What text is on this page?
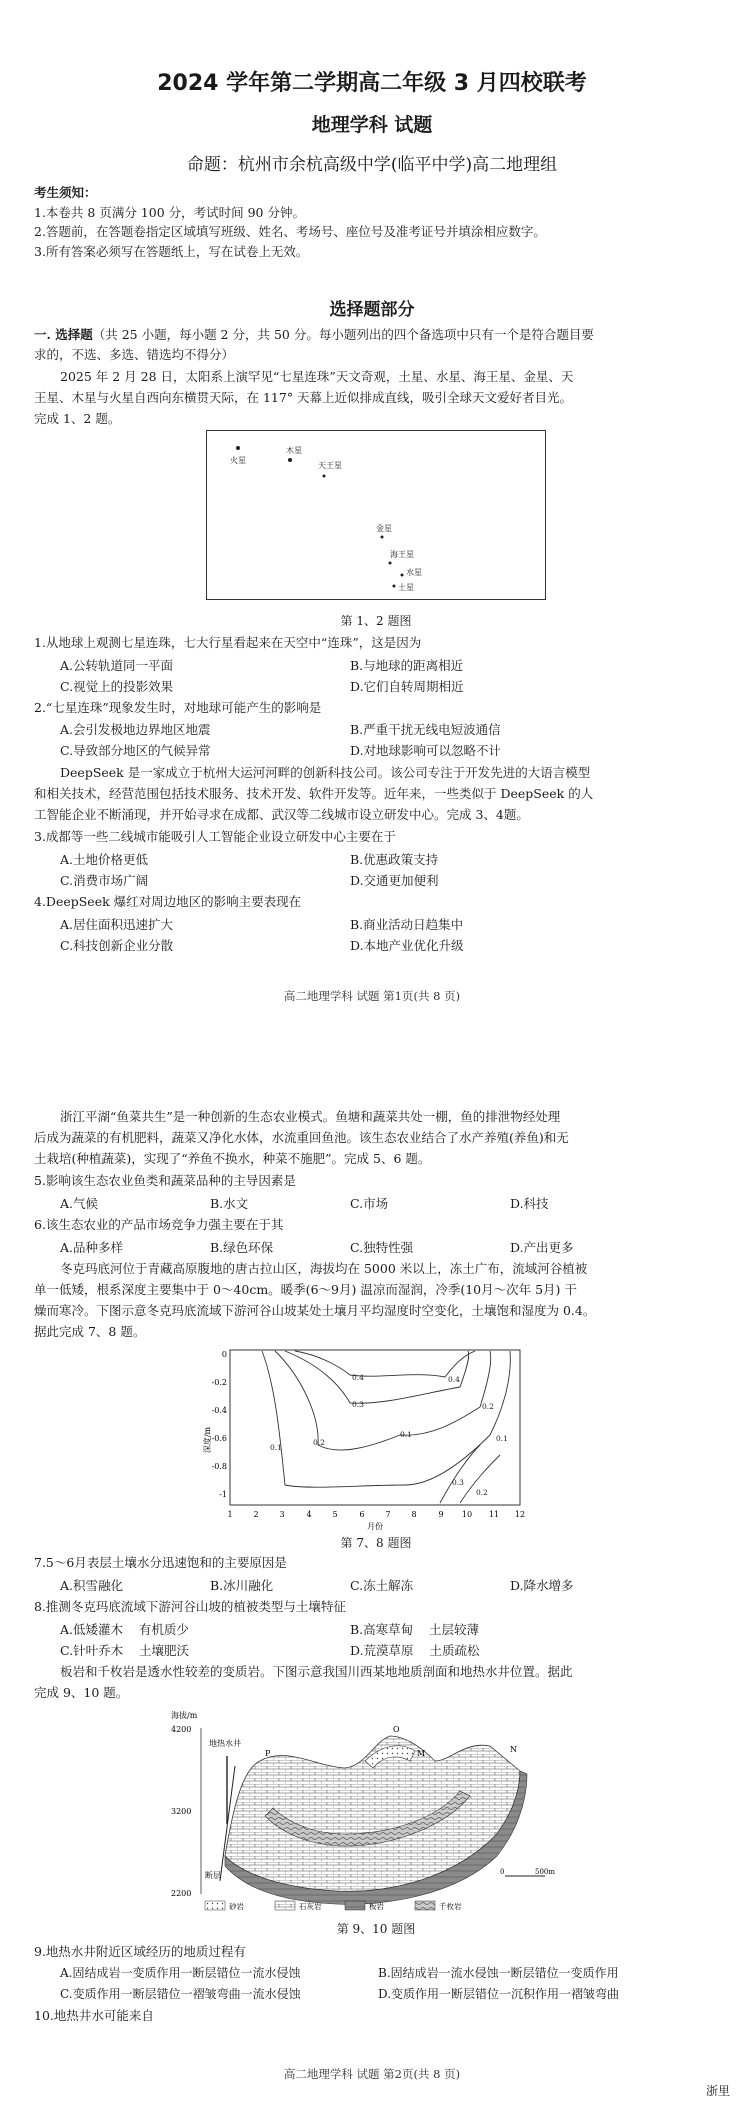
2024 学年第二学期高二年级 3 月四校联考
地理学科 试题
命题：杭州市余杭高级中学(临平中学)高二地理组
考生须知：
1.本卷共 8 页满分 100 分，考试时间 90 分钟。
2.答题前，在答题卷指定区域填写班级、姓名、考场号、座位号及准考证号并填涂相应数字。
3.所有答案必须写在答题纸上，写在试卷上无效。
选择题部分
一. 选择题（共 25 小题，每小题 2 分，共 50 分。每小题列出的四个备选项中只有一个是符合题目要
求的，不选、多选、错选均不得分）
2025 年 2 月 28 日，太阳系上演罕见“七星连珠”天文奇观，土星、水星、海王星、金星、天
王星、木星与火星自西向东横贯天际，在 117° 天幕上近似排成直线，吸引全球天文爱好者目光。
完成 1、2 题。
火星
木星
天王星
金星
海王星
水星
土星
第 1、2 题图
1.从地球上观测七星连珠，七大行星看起来在天空中“连珠”，这是因为
A.公转轨道同一平面	B.与地球的距离相近
C.视觉上的投影效果	D.它们自转周期相近
2.“七星连珠”现象发生时，对地球可能产生的影响是
A.会引发极地边界地区地震	B.严重干扰无线电短波通信
C.导致部分地区的气候异常	D.对地球影响可以忽略不计
DeepSeek 是一家成立于杭州大运河河畔的创新科技公司。该公司专注于开发先进的大语言模型
和相关技术，经营范围包括技术服务、技术开发、软件开发等。近年来，一些类似于 DeepSeek 的人
工智能企业不断涌现，并开始寻求在成都、武汉等二线城市设立研发中心。完成 3、4题。
3.成都等一些二线城市能吸引人工智能企业设立研发中心主要在于
A.土地价格更低	B.优惠政策支持
C.消费市场广阔	D.交通更加便利
4.DeepSeek 爆红对周边地区的影响主要表现在
A.居住面积迅速扩大	B.商业活动日趋集中
C.科技创新企业分散	D.本地产业优化升级
高二地理学科 试题 第1页(共 8 页)
浙江平湖“鱼菜共生”是一种创新的生态农业模式。鱼塘和蔬菜共处一棚，鱼的排泄物经处理
后成为蔬菜的有机肥料，蔬菜又净化水体，水流重回鱼池。该生态农业结合了水产养殖(养鱼)和无
土栽培(种植蔬菜)，实现了“养鱼不换水，种菜不施肥”。完成 5、6 题。
5.影响该生态农业鱼类和蔬菜品种的主导因素是
A.气候	B.水文	C.市场	D.科技
6.该生态农业的产品市场竞争力强主要在于其
A.品种多样	B.绿色环保	C.独特性强	D.产出更多
冬克玛底河位于青藏高原腹地的唐古拉山区，海拔均在 5000 米以上，冻土广布，流域河谷植被
单一低矮，根系深度主要集中于 0～40cm。暖季(6～9月) 温凉而湿润，冷季(10月～次年 5月) 干
燥而寒冷。下图示意冬克玛底流域下游河谷山坡某处土壤月平均湿度时空变化，土壤饱和湿度为 0.4。
据此完成 7、8 题。
深度/m
0
-0.2
-0.4
-0.6
-0.8
-1
1	2	3	4	5	6	7	8	9 10 11 12
月份
0.4	0.4
0.3
0.2
0.1
0.1
0.2
0.3
0.1
0.2
第 7、8 题图
7.5～6月表层土壤水分迅速饱和的主要原因是
A.积雪融化	B.冰川融化	C.冻土解冻	D.降水增多
8.推测冬克玛底流域下游河谷山坡的植被类型与土壤特征
A.低矮灌木    有机质少	B.高寒草甸    土层较薄
C.针叶乔木    土壤肥沃	D.荒漠草原    土质疏松
板岩和千枚岩是透水性较差的变质岩。下图示意我国川西某地地质剖面和地热水井位置。据此
完成 9、10 题。
海拔/m
4200
3200
2200
地热水井
断层
P
O
M	N
0	500m
砂岩	石灰岩	板岩	千枚岩
第 9、10 题图
9.地热水井附近区域经历的地质过程有
A.固结成岩一变质作用一断层错位一流水侵蚀	B.固结成岩一流水侵蚀一断层错位一变质作用
C.变质作用一断层错位一褶皱弯曲一流水侵蚀	D.变质作用一断层错位一沉积作用一褶皱弯曲
10.地热井水可能来自
高二地理学科 试题 第2页(共 8 页)
浙里
